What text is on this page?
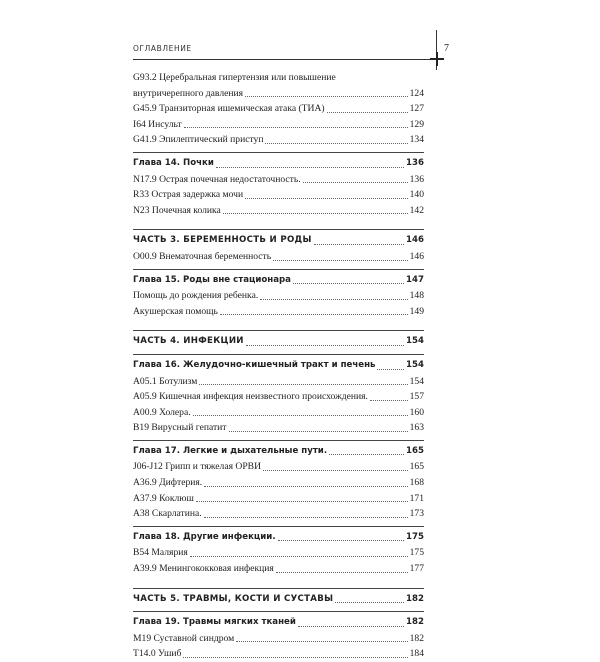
ОГЛАВЛЕНИЕ	7
G93.2 Церебральная гипертензия или повышение
внутричерепного давления	124
G45.9 Транзиторная ишемическая атака (ТИА)	127
I64 Инсульт	129
G41.9 Эпилептический приступ	134
Глава 14. Почки	136
N17.9 Острая почечная недостаточность.	136
R33 Острая задержка мочи	140
N23 Почечная колика	142
ЧАСТЬ 3. БЕРЕМЕННОСТЬ И РОДЫ	146
O00.9 Внематочная беременность	146
Глава 15. Роды вне стационара	147
Помощь до рождения ребенка.	148
Акушерская помощь	149
ЧАСТЬ 4. ИНФЕКЦИИ	154
Глава 16. Желудочно-кишечный тракт и печень	154
A05.1 Ботулизм	154
A05.9 Кишечная инфекция неизвестного происхождения.	157
A00.9 Холера.	160
B19 Вирусный гепатит	163
Глава 17. Легкие и дыхательные пути.	165
J06-J12 Грипп и тяжелая ОРВИ	165
A36.9 Дифтерия.	168
A37.9 Коклюш	171
A38 Скарлатина.	173
Глава 18. Другие инфекции.	175
B54 Малярия	175
A39.9 Менингококковая инфекция	177
ЧАСТЬ 5. ТРАВМЫ, КОСТИ И СУСТАВЫ	182
Глава 19. Травмы мягких тканей	182
M19 Суставной синдром	182
T14.0 Ушиб	184
